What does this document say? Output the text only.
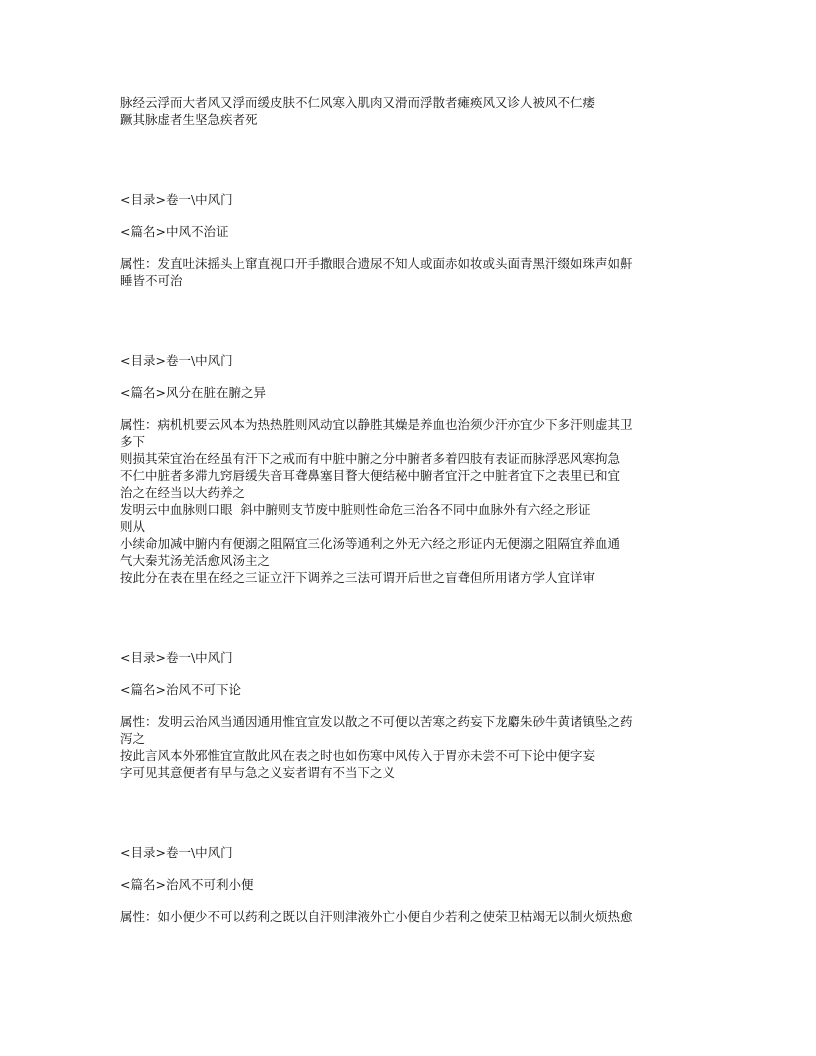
脉经云浮而大者风又浮而缓皮肤不仁风寒入肌肉又滑而浮散者瘫痪风又诊人被风不仁痿
蹶其脉虚者生坚急疾者死
<目录>卷一\中风门
<篇名>中风不治证
属性：发直吐沫摇头上窜直视口开手撒眼合遗尿不知人或面赤如妆或头面青黑汗缀如珠声如鼾
睡皆不可治
<目录>卷一\中风门
<篇名>风分在脏在腑之异
属性：病机机要云风本为热热胜则风动宜以静胜其燥是养血也治须少汗亦宜少下多汗则虚其卫
多下
则损其荣宜治在经虽有汗下之戒而有中脏中腑之分中腑者多着四肢有表证而脉浮恶风寒拘急
不仁中脏者多滞九窍唇缓失音耳聋鼻塞目瞀大便结秘中腑者宜汗之中脏者宜下之表里已和宜
治之在经当以大药养之
发明云中血脉则口眼  斜中腑则支节废中脏则性命危三治各不同中血脉外有六经之形证
则从
小续命加减中腑内有便溺之阻隔宜三化汤等通利之外无六经之形证内无便溺之阻隔宜养血通
气大秦艽汤羌活愈风汤主之
按此分在表在里在经之三证立汗下调养之三法可谓开后世之盲聋但所用诸方学人宜详审
<目录>卷一\中风门
<篇名>治风不可下论
属性：发明云治风当通因通用惟宜宣发以散之不可便以苦寒之药妄下龙麝朱砂牛黄诸镇坠之药
泻之
按此言风本外邪惟宜宣散此风在表之时也如伤寒中风传入于胃亦未尝不可下论中便字妄
字可见其意便者有早与急之义妄者谓有不当下之义
<目录>卷一\中风门
<篇名>治风不可利小便
属性：如小便少不可以药利之既以自汗则津液外亡小便自少若利之使荣卫枯竭无以制火烦热愈
